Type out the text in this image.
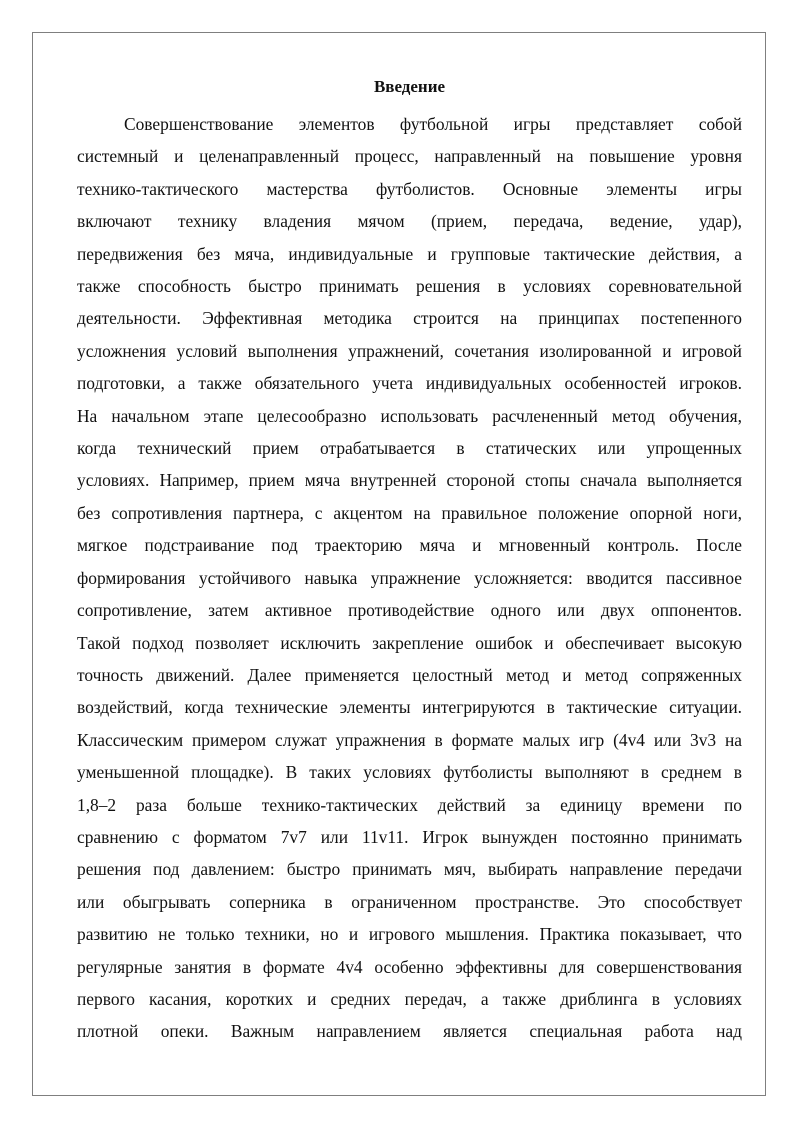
Введение
Совершенствование элементов футбольной игры представляет собой
системный и целенаправленный процесс, направленный на повышение уровня
технико-тактического мастерства футболистов. Основные элементы игры
включают технику владения мячом (прием, передача, ведение, удар),
передвижения без мяча, индивидуальные и групповые тактические действия, а
также способность быстро принимать решения в условиях соревновательной
деятельности. Эффективная методика строится на принципах постепенного
усложнения условий выполнения упражнений, сочетания изолированной и игровой
подготовки, а также обязательного учета индивидуальных особенностей игроков.
На начальном этапе целесообразно использовать расчлененный метод обучения,
когда технический прием отрабатывается в статических или упрощенных
условиях. Например, прием мяча внутренней стороной стопы сначала выполняется
без сопротивления партнера, с акцентом на правильное положение опорной ноги,
мягкое подстраивание под траекторию мяча и мгновенный контроль. После
формирования устойчивого навыка упражнение усложняется: вводится пассивное
сопротивление, затем активное противодействие одного или двух оппонентов.
Такой подход позволяет исключить закрепление ошибок и обеспечивает высокую
точность движений. Далее применяется целостный метод и метод сопряженных
воздействий, когда технические элементы интегрируются в тактические ситуации.
Классическим примером служат упражнения в формате малых игр (4v4 или 3v3 на
уменьшенной площадке). В таких условиях футболисты выполняют в среднем в
1,8–2 раза больше технико-тактических действий за единицу времени по
сравнению с форматом 7v7 или 11v11. Игрок вынужден постоянно принимать
решения под давлением: быстро принимать мяч, выбирать направление передачи
или обыгрывать соперника в ограниченном пространстве. Это способствует
развитию не только техники, но и игрового мышления. Практика показывает, что
регулярные занятия в формате 4v4 особенно эффективны для совершенствования
первого касания, коротких и средних передач, а также дриблинга в условиях
плотной опеки. Важным направлением является специальная работа над
